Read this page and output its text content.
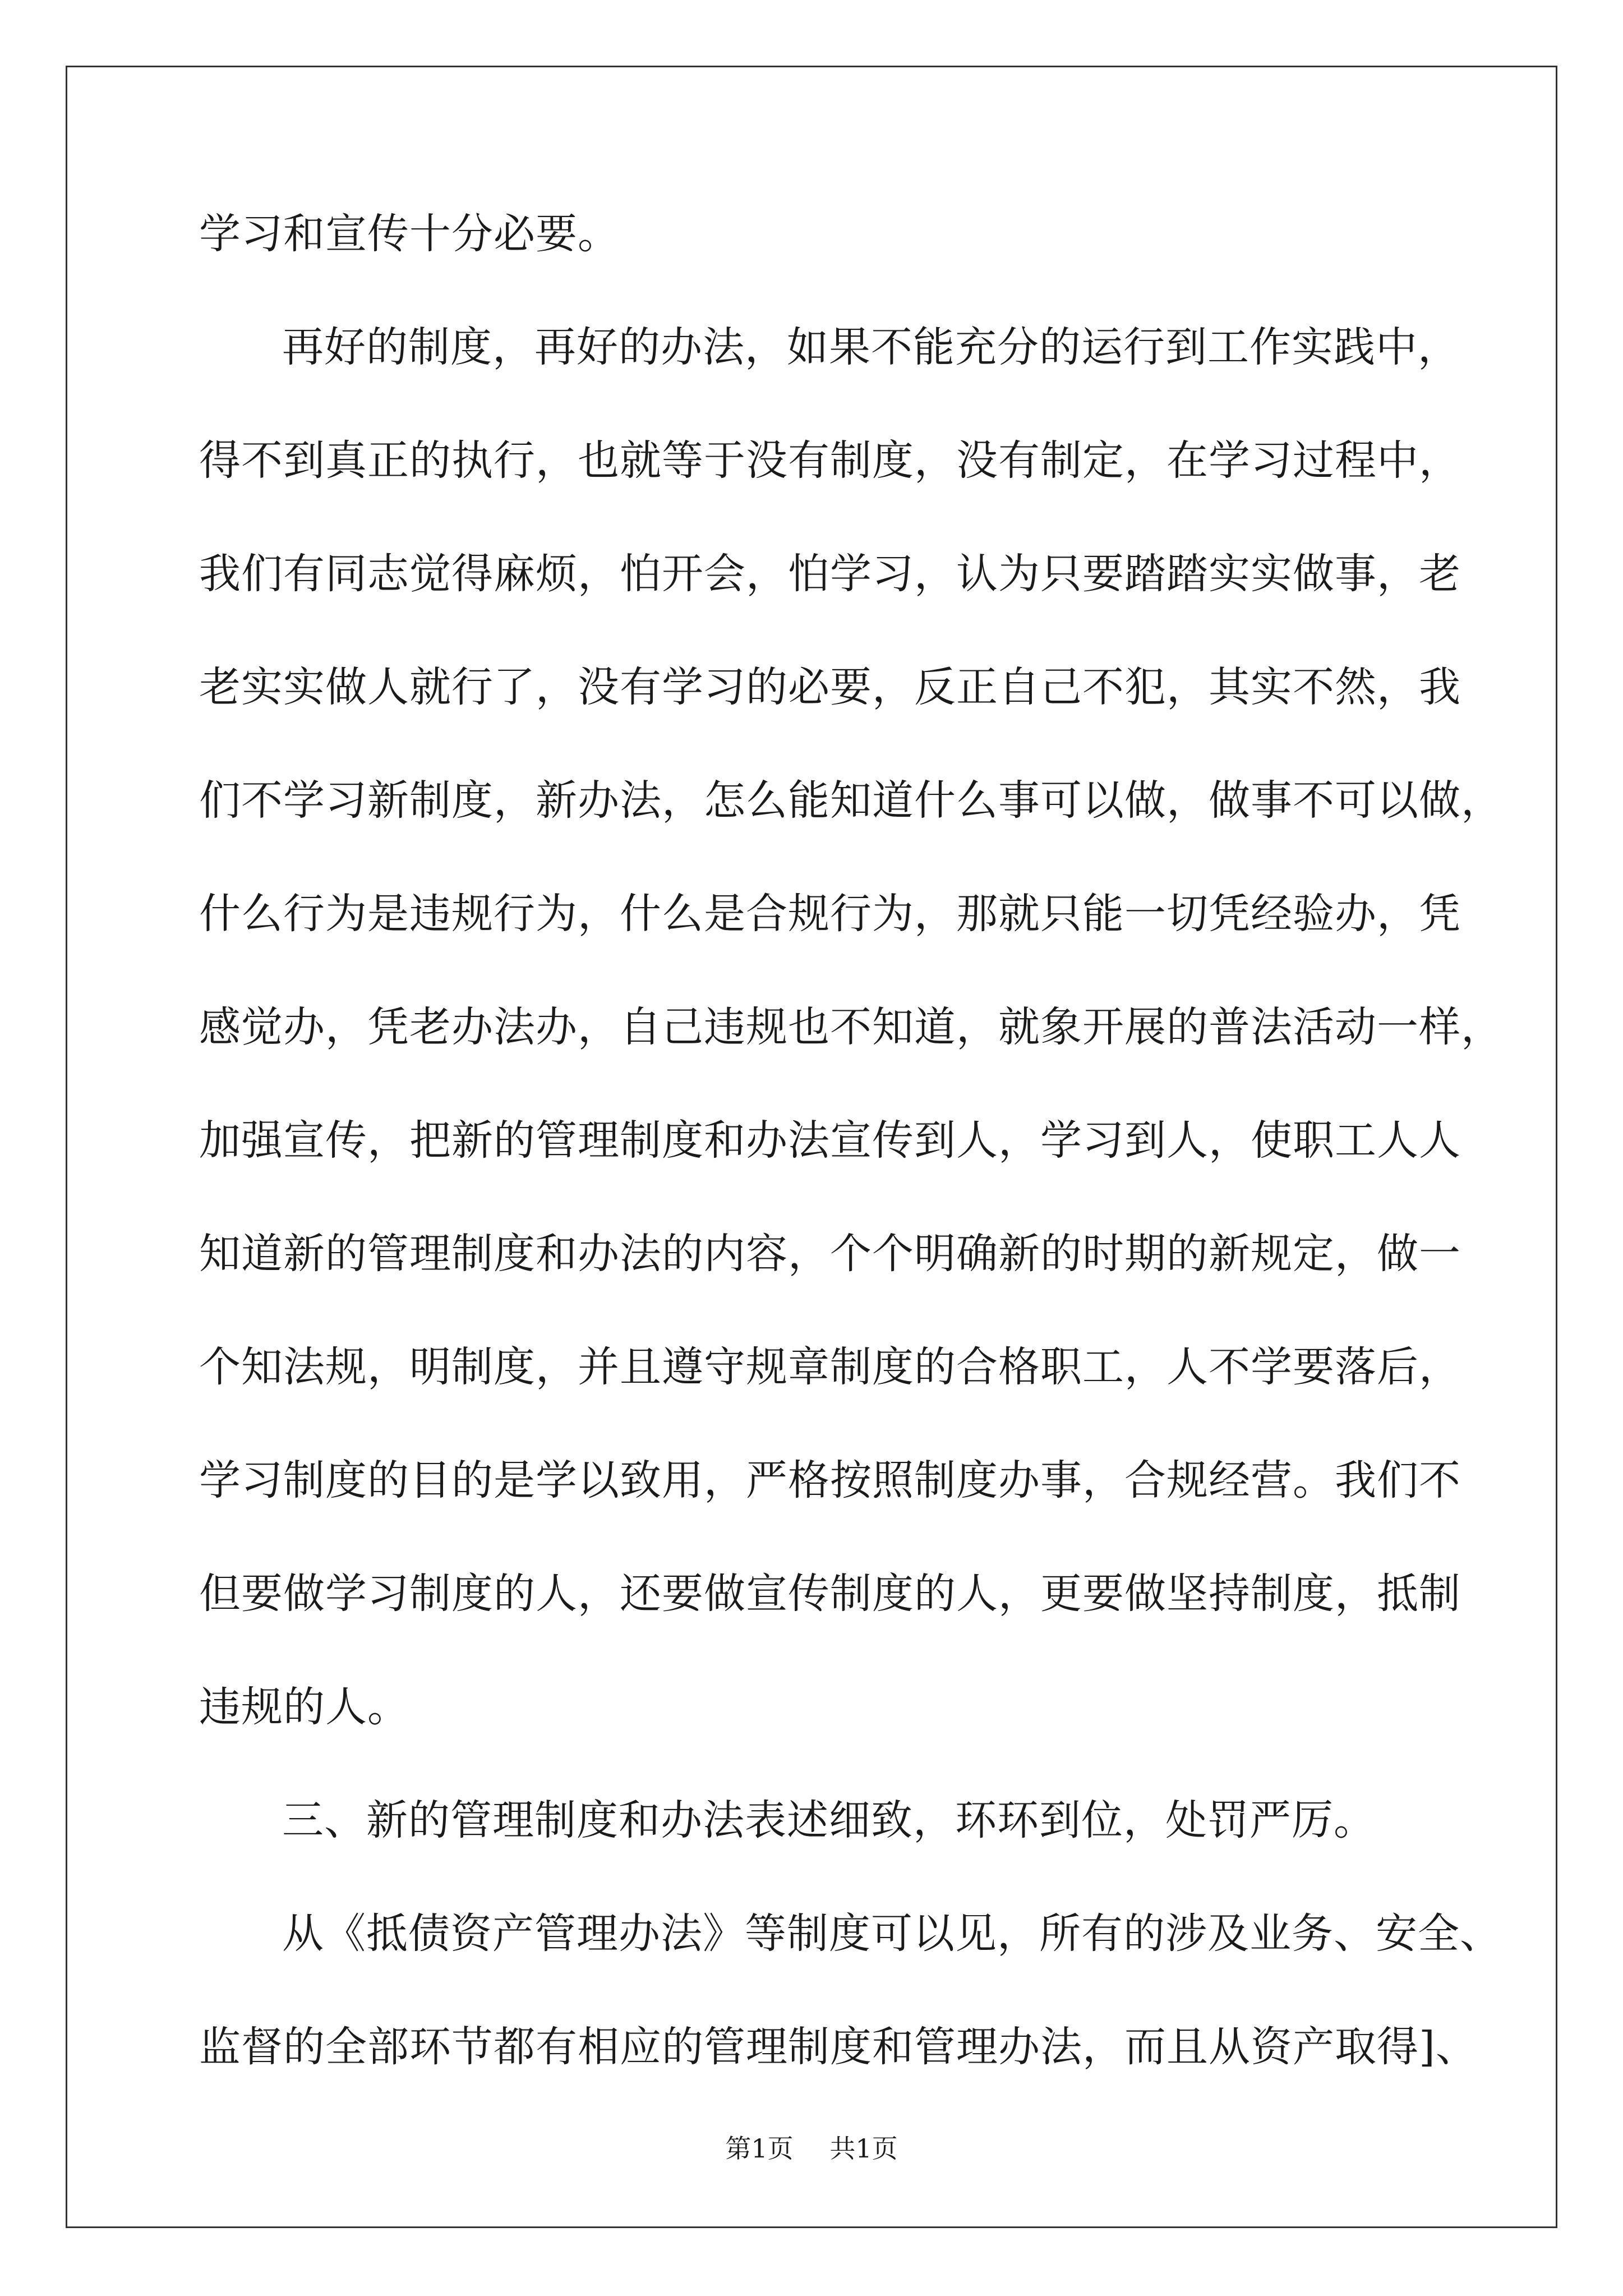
学习和宣传十分必要。
再好的制度，再好的办法，如果不能充分的运行到工作实践中，
得不到真正的执行，也就等于没有制度，没有制定，在学习过程中，
我们有同志觉得麻烦，怕开会，怕学习，认为只要踏踏实实做事，老
老实实做人就行了，没有学习的必要，反正自己不犯，其实不然，我
们不学习新制度，新办法，怎么能知道什么事可以做，做事不可以做，
什么行为是违规行为，什么是合规行为，那就只能一切凭经验办，凭
感觉办，凭老办法办，自己违规也不知道，就象开展的普法活动一样，
加强宣传，把新的管理制度和办法宣传到人，学习到人，使职工人人
知道新的管理制度和办法的内容，个个明确新的时期的新规定，做一
个知法规，明制度，并且遵守规章制度的合格职工，人不学要落后，
学习制度的目的是学以致用，严格按照制度办事，合规经营。我们不
但要做学习制度的人，还要做宣传制度的人，更要做坚持制度，抵制
违规的人。
三、新的管理制度和办法表述细致，环环到位，处罚严厉。
从《抵债资产管理办法》等制度可以见，所有的涉及业务、安全、
监督的全部环节都有相应的管理制度和管理办法，而且从资产取得]、
第1页 共1页
